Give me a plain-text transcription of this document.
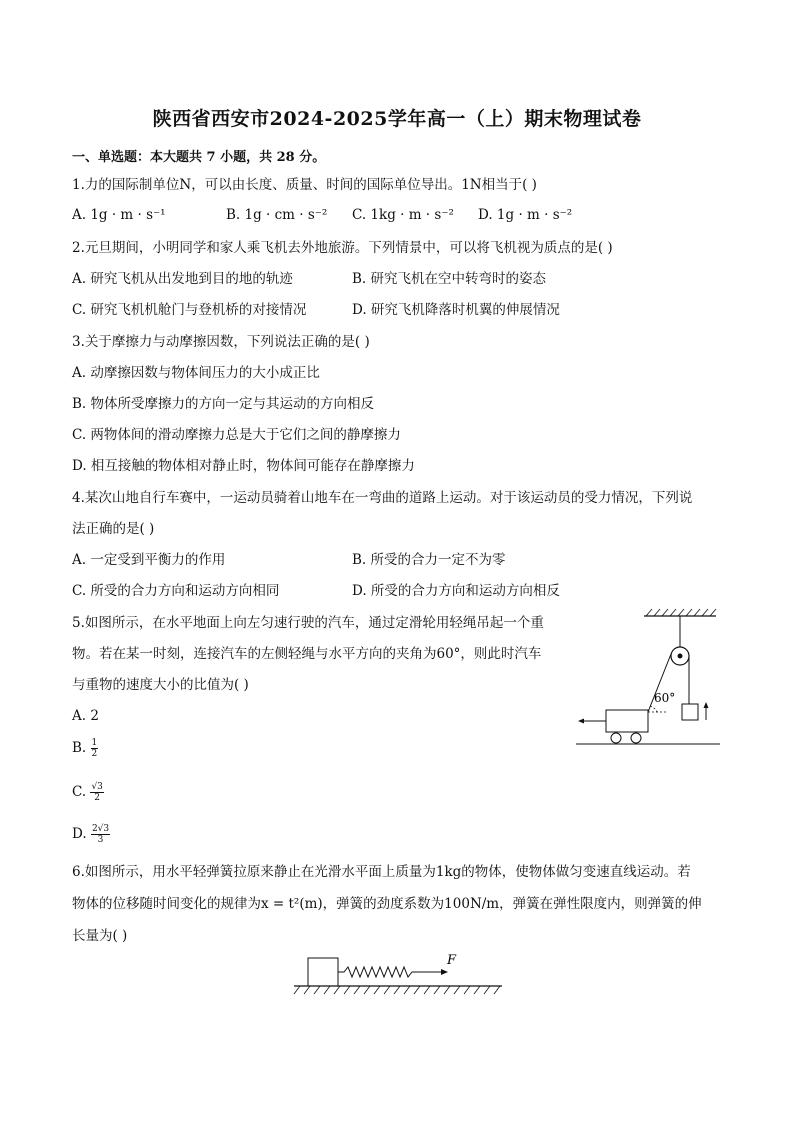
陕西省西安市2024-2025学年高一（上）期末物理试卷
一、单选题：本大题共 7 小题，共 28 分。
1.力的国际制单位N，可以由长度、质量、时间的国际单位导出。1N相当于( )
A. 1g · m · s⁻¹	B. 1g · cm · s⁻² C. 1kg · m · s⁻² D. 1g · m · s⁻²
2.元旦期间，小明同学和家人乘飞机去外地旅游。下列情景中，可以将飞机视为质点的是( )
A. 研究飞机从出发地到目的地的轨迹	B. 研究飞机在空中转弯时的姿态
C. 研究飞机机舱门与登机桥的对接情况	D. 研究飞机降落时机翼的伸展情况
3.关于摩擦力与动摩擦因数，下列说法正确的是( )
A. 动摩擦因数与物体间压力的大小成正比
B. 物体所受摩擦力的方向一定与其运动的方向相反
C. 两物体间的滑动摩擦力总是大于它们之间的静摩擦力
D. 相互接触的物体相对静止时，物体间可能存在静摩擦力
4.某次山地自行车赛中，一运动员骑着山地车在一弯曲的道路上运动。对于该运动员的受力情况，下列说
法正确的是( )
A. 一定受到平衡力的作用	B. 所受的合力一定不为零
C. 所受的合力方向和运动方向相同	D. 所受的合力方向和运动方向相反
5.如图所示，在水平地面上向左匀速行驶的汽车，通过定滑轮用轻绳吊起一个重
物。若在某一时刻，连接汽车的左侧轻绳与水平方向的夹角为60°，则此时汽车
与重物的速度大小的比值为( )
A. 2
B. $\frac{1}{2}$
C. $\frac{√3}{2}$
D. $\frac{2√3}{3}$
60°
6.如图所示，用水平轻弹簧拉原来静止在光滑水平面上质量为1kg的物体，使物体做匀变速直线运动。若
物体的位移随时间变化的规律为x = t²(m)，弹簧的劲度系数为100N/m，弹簧在弹性限度内，则弹簧的伸
长量为( )
F
